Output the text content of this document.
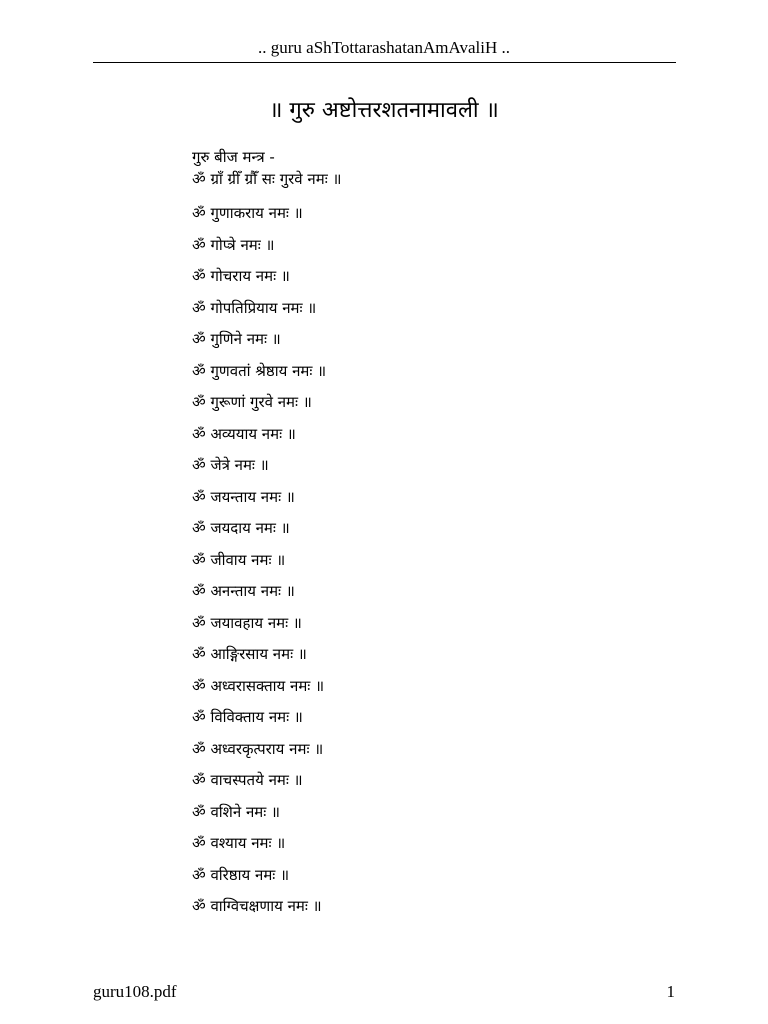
.. guru aShTottarashatanAmAvaliH ..
॥ गुरु अष्टोत्तरशतनामावली ॥
गुरु बीज मन्त्र -
ॐ ग्राँ ग्रीँ ग्रौँ सः गुरवे नमः ॥
ॐ गुणाकराय नमः ॥
ॐ गोप्त्रे नमः ॥
ॐ गोचराय नमः ॥
ॐ गोपतिप्रियाय नमः ॥
ॐ गुणिने नमः ॥
ॐ गुणवतां श्रेष्ठाय नमः ॥
ॐ गुरूणां गुरवे नमः ॥
ॐ अव्ययाय नमः ॥
ॐ जेत्रे नमः ॥
ॐ जयन्ताय नमः ॥
ॐ जयदाय नमः ॥
ॐ जीवाय नमः ॥
ॐ अनन्ताय नमः ॥
ॐ जयावहाय नमः ॥
ॐ आङ्गिरसाय नमः ॥
ॐ अध्वरासक्ताय नमः ॥
ॐ विविक्ताय नमः ॥
ॐ अध्वरकृत्पराय नमः ॥
ॐ वाचस्पतये नमः ॥
ॐ वशिने नमः ॥
ॐ वश्याय नमः ॥
ॐ वरिष्ठाय नमः ॥
ॐ वाग्विचक्षणाय नमः ॥
guru108.pdf	1
